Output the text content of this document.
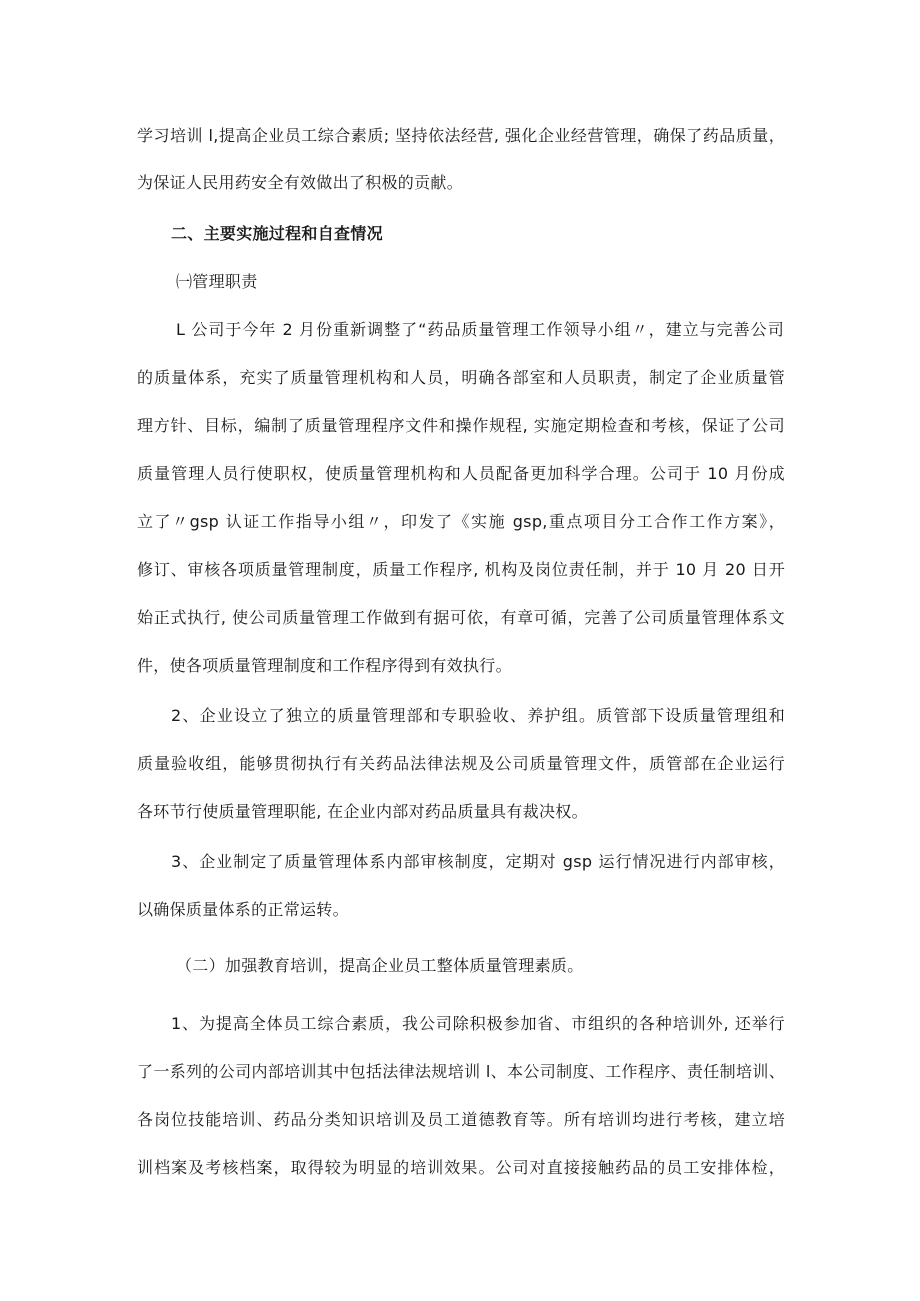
学习培训 l,提高企业员工综合素质; 坚持依法经营, 强化企业经营管理，确保了药品质量，
为保证人民用药安全有效做出了积极的贡献。
二、主要实施过程和自查情况
㈠管理职责
L 公司于今年 2 月份重新调整了“药品质量管理工作领导小组〃，建立与完善公司
的质量体系，充实了质量管理机构和人员，明确各部室和人员职责，制定了企业质量管
理方针、目标，编制了质量管理程序文件和操作规程, 实施定期检查和考核，保证了公司
质量管理人员行使职权，使质量管理机构和人员配备更加科学合理。公司于 10 月份成
立了〃gsp 认证工作指导小组〃，印发了《实施 gsp,重点项目分工合作工作方案》，
修订、审核各项质量管理制度，质量工作程序, 机构及岗位责任制，并于 10 月 20 日开
始正式执行, 使公司质量管理工作做到有据可依，有章可循，完善了公司质量管理体系文
件，使各项质量管理制度和工作程序得到有效执行。
2、企业设立了独立的质量管理部和专职验收、养护组。质管部下设质量管理组和
质量验收组，能够贯彻执行有关药品法律法规及公司质量管理文件，质管部在企业运行
各环节行使质量管理职能, 在企业内部对药品质量具有裁决权。
3、企业制定了质量管理体系内部审核制度，定期对 gsp 运行情况进行内部审核，
以确保质量体系的正常运转。
（二）加强教育培训，提高企业员工整体质量管理素质。
1、为提高全体员工综合素质，我公司除积极参加省、市组织的各种培训外, 还举行
了一系列的公司内部培训其中包括法律法规培训 l、本公司制度、工作程序、责任制培训、
各岗位技能培训、药品分类知识培训及员工道德教育等。所有培训均进行考核，建立培
训档案及考核档案，取得较为明显的培训效果。公司对直接接触药品的员工安排体检，
